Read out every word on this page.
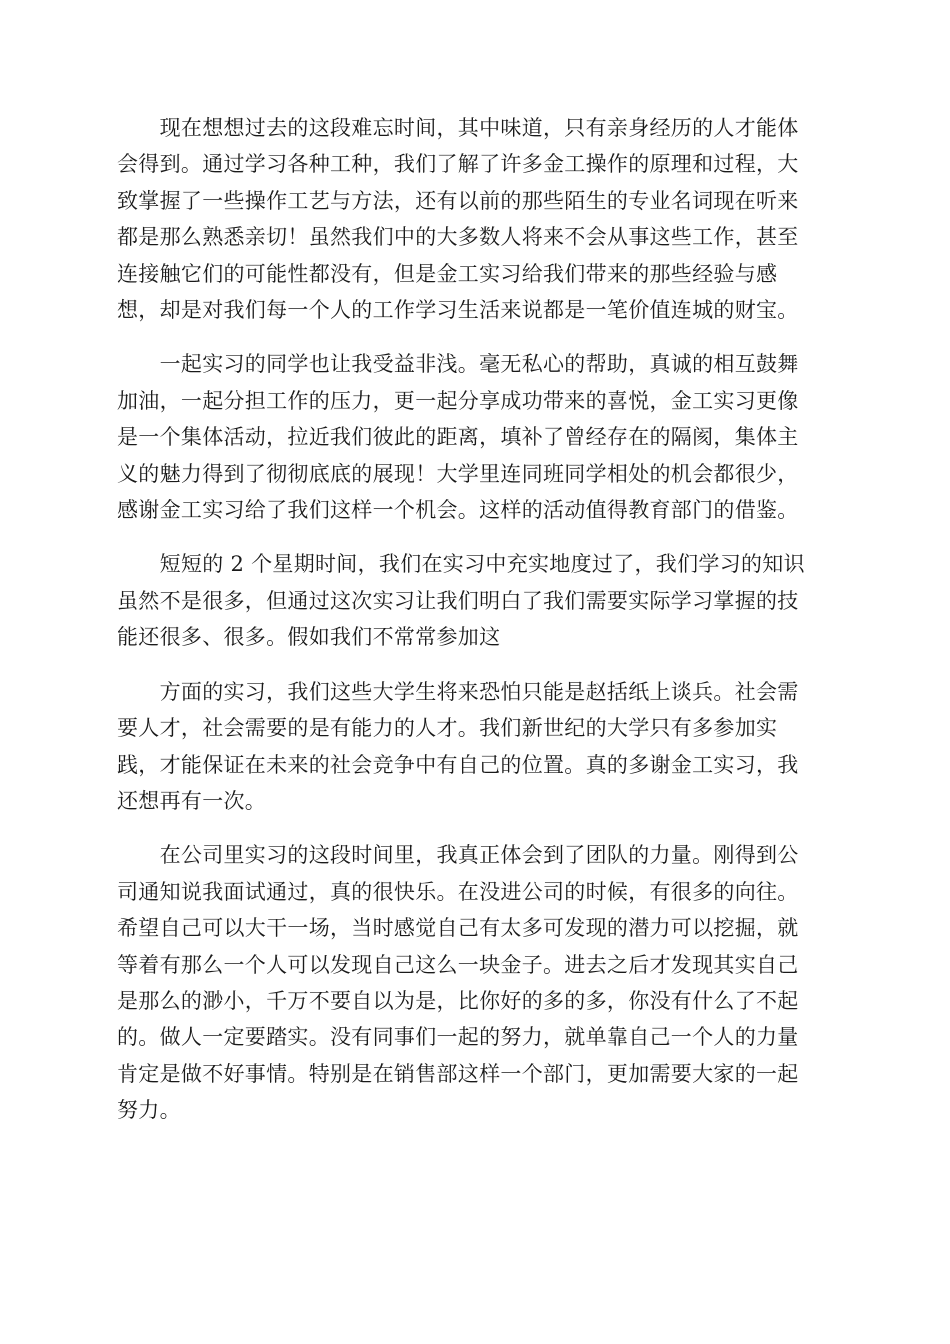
　　现在想想过去的这段难忘时间，其中味道，只有亲身经历的人才能体
会得到。通过学习各种工种，我们了解了许多金工操作的原理和过程，大
致掌握了一些操作工艺与方法，还有以前的那些陌生的专业名词现在听来
都是那么熟悉亲切！虽然我们中的大多数人将来不会从事这些工作，甚至
连接触它们的可能性都没有，但是金工实习给我们带来的那些经验与感
想，却是对我们每一个人的工作学习生活来说都是一笔价值连城的财宝。

　　一起实习的同学也让我受益非浅。毫无私心的帮助，真诚的相互鼓舞
加油，一起分担工作的压力，更一起分享成功带来的喜悦，金工实习更像
是一个集体活动，拉近我们彼此的距离，填补了曾经存在的隔阂，集体主
义的魅力得到了彻彻底底的展现！大学里连同班同学相处的机会都很少，
感谢金工实习给了我们这样一个机会。这样的活动值得教育部门的借鉴。

　　短短的 2 个星期时间，我们在实习中充实地度过了，我们学习的知识
虽然不是很多，但通过这次实习让我们明白了我们需要实际学习掌握的技
能还很多、很多。假如我们不常常参加这

　　方面的实习，我们这些大学生将来恐怕只能是赵括纸上谈兵。社会需
要人才，社会需要的是有能力的人才。我们新世纪的大学只有多参加实
践，才能保证在未来的社会竞争中有自己的位置。真的多谢金工实习，我
还想再有一次。

　　在公司里实习的这段时间里，我真正体会到了团队的力量。刚得到公
司通知说我面试通过，真的很快乐。在没进公司的时候，有很多的向往。
希望自己可以大干一场，当时感觉自己有太多可发现的潜力可以挖掘，就
等着有那么一个人可以发现自己这么一块金子。进去之后才发现其实自己
是那么的渺小，千万不要自以为是，比你好的多的多，你没有什么了不起
的。做人一定要踏实。没有同事们一起的努力，就单靠自己一个人的力量
肯定是做不好事情。特别是在销售部这样一个部门，更加需要大家的一起
努力。
